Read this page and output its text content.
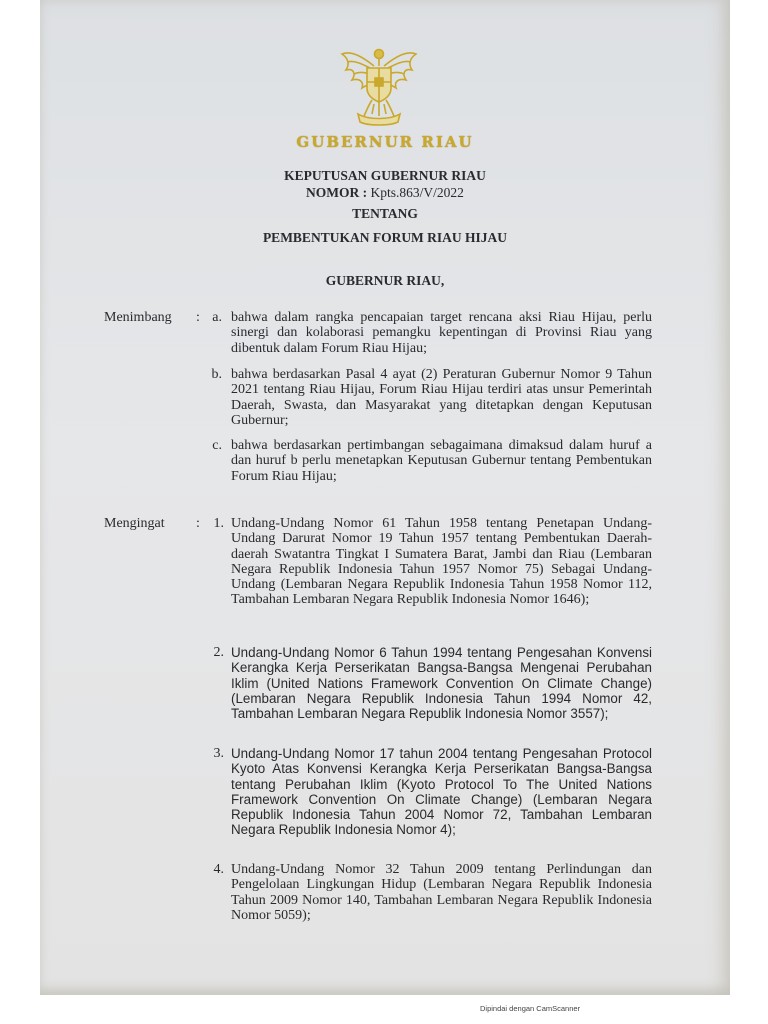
GUBERNUR RIAU
KEPUTUSAN GUBERNUR RIAU
NOMOR : Kpts.863/V/2022
TENTANG
PEMBENTUKAN FORUM RIAU HIJAU
GUBERNUR RIAU,
Menimbang : a. bahwa dalam rangka pencapaian target rencana aksi Riau Hijau, perlu sinergi dan kolaborasi pemangku kepentingan di Provinsi Riau yang dibentuk dalam Forum Riau Hijau;
b. bahwa berdasarkan Pasal 4 ayat (2) Peraturan Gubernur Nomor 9 Tahun 2021 tentang Riau Hijau, Forum Riau Hijau terdiri atas unsur Pemerintah Daerah, Swasta, dan Masyarakat yang ditetapkan dengan Keputusan Gubernur;
c. bahwa berdasarkan pertimbangan sebagaimana dimaksud dalam huruf a dan huruf b perlu menetapkan Keputusan Gubernur tentang Pembentukan Forum Riau Hijau;
Mengingat : 1. Undang-Undang Nomor 61 Tahun 1958 tentang Penetapan Undang-Undang Darurat Nomor 19 Tahun 1957 tentang Pembentukan Daerah-daerah Swatantra Tingkat I Sumatera Barat, Jambi dan Riau (Lembaran Negara Republik Indonesia Tahun 1957 Nomor 75) Sebagai Undang-Undang (Lembaran Negara Republik Indonesia Tahun 1958 Nomor 112, Tambahan Lembaran Negara Republik Indonesia Nomor 1646);
2. Undang-Undang Nomor 6 Tahun 1994 tentang Pengesahan Konvensi Kerangka Kerja Perserikatan Bangsa-Bangsa Mengenai Perubahan Iklim (United Nations Framework Convention On Climate Change) (Lembaran Negara Republik Indonesia Tahun 1994 Nomor 42, Tambahan Lembaran Negara Republik Indonesia Nomor 3557);
3. Undang-Undang Nomor 17 tahun 2004 tentang Pengesahan Protocol Kyoto Atas Konvensi Kerangka Kerja Perserikatan Bangsa-Bangsa tentang Perubahan Iklim (Kyoto Protocol To The United Nations Framework Convention On Climate Change) (Lembaran Negara Republik Indonesia Tahun 2004 Nomor 72, Tambahan Lembaran Negara Republik Indonesia Nomor 4);
4. Undang-Undang Nomor 32 Tahun 2009 tentang Perlindungan dan Pengelolaan Lingkungan Hidup (Lembaran Negara Republik Indonesia Tahun 2009 Nomor 140, Tambahan Lembaran Negara Republik Indonesia Nomor 5059);
Dipindai dengan CamScanner
